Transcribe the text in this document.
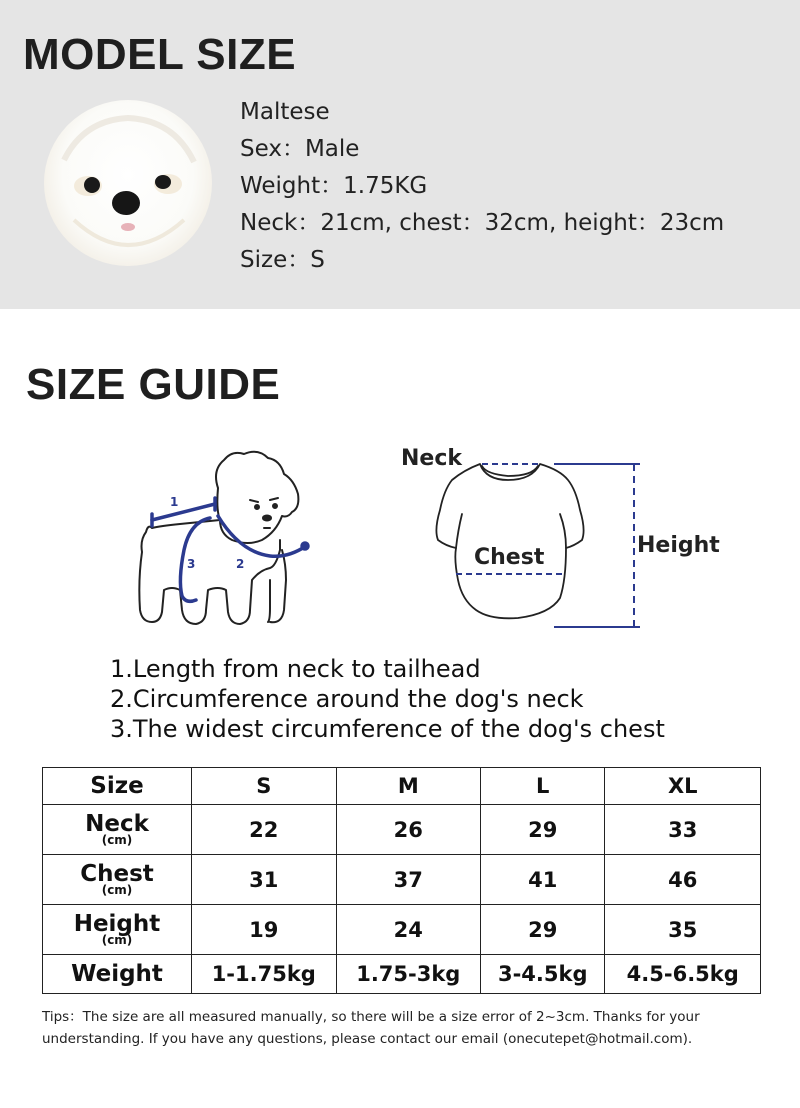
MODEL SIZE
Maltese
Sex：Male
Weight：1.75KG
Neck：21cm, chest：32cm, height：23cm
Size：S
SIZE GUIDE
1
2
3
Neck
Chest	Height
1.Length from neck to tailhead
2.Circumference around the dog's neck
3.The widest circumference of the dog's chest
Size	S	M	L	XL
Neck
(cm)	22	26	29	33
Chest
(cm)	31	37	41	46
Height
(cm)	19	24	29	35
Weight	1-1.75kg	1.75-3kg	3-4.5kg	4.5-6.5kg
Tips：The size are all measured manually, so there will be a size error of 2~3cm. Thanks for your understanding. If you have any questions, please contact our email (onecutepet@hotmail.com).
